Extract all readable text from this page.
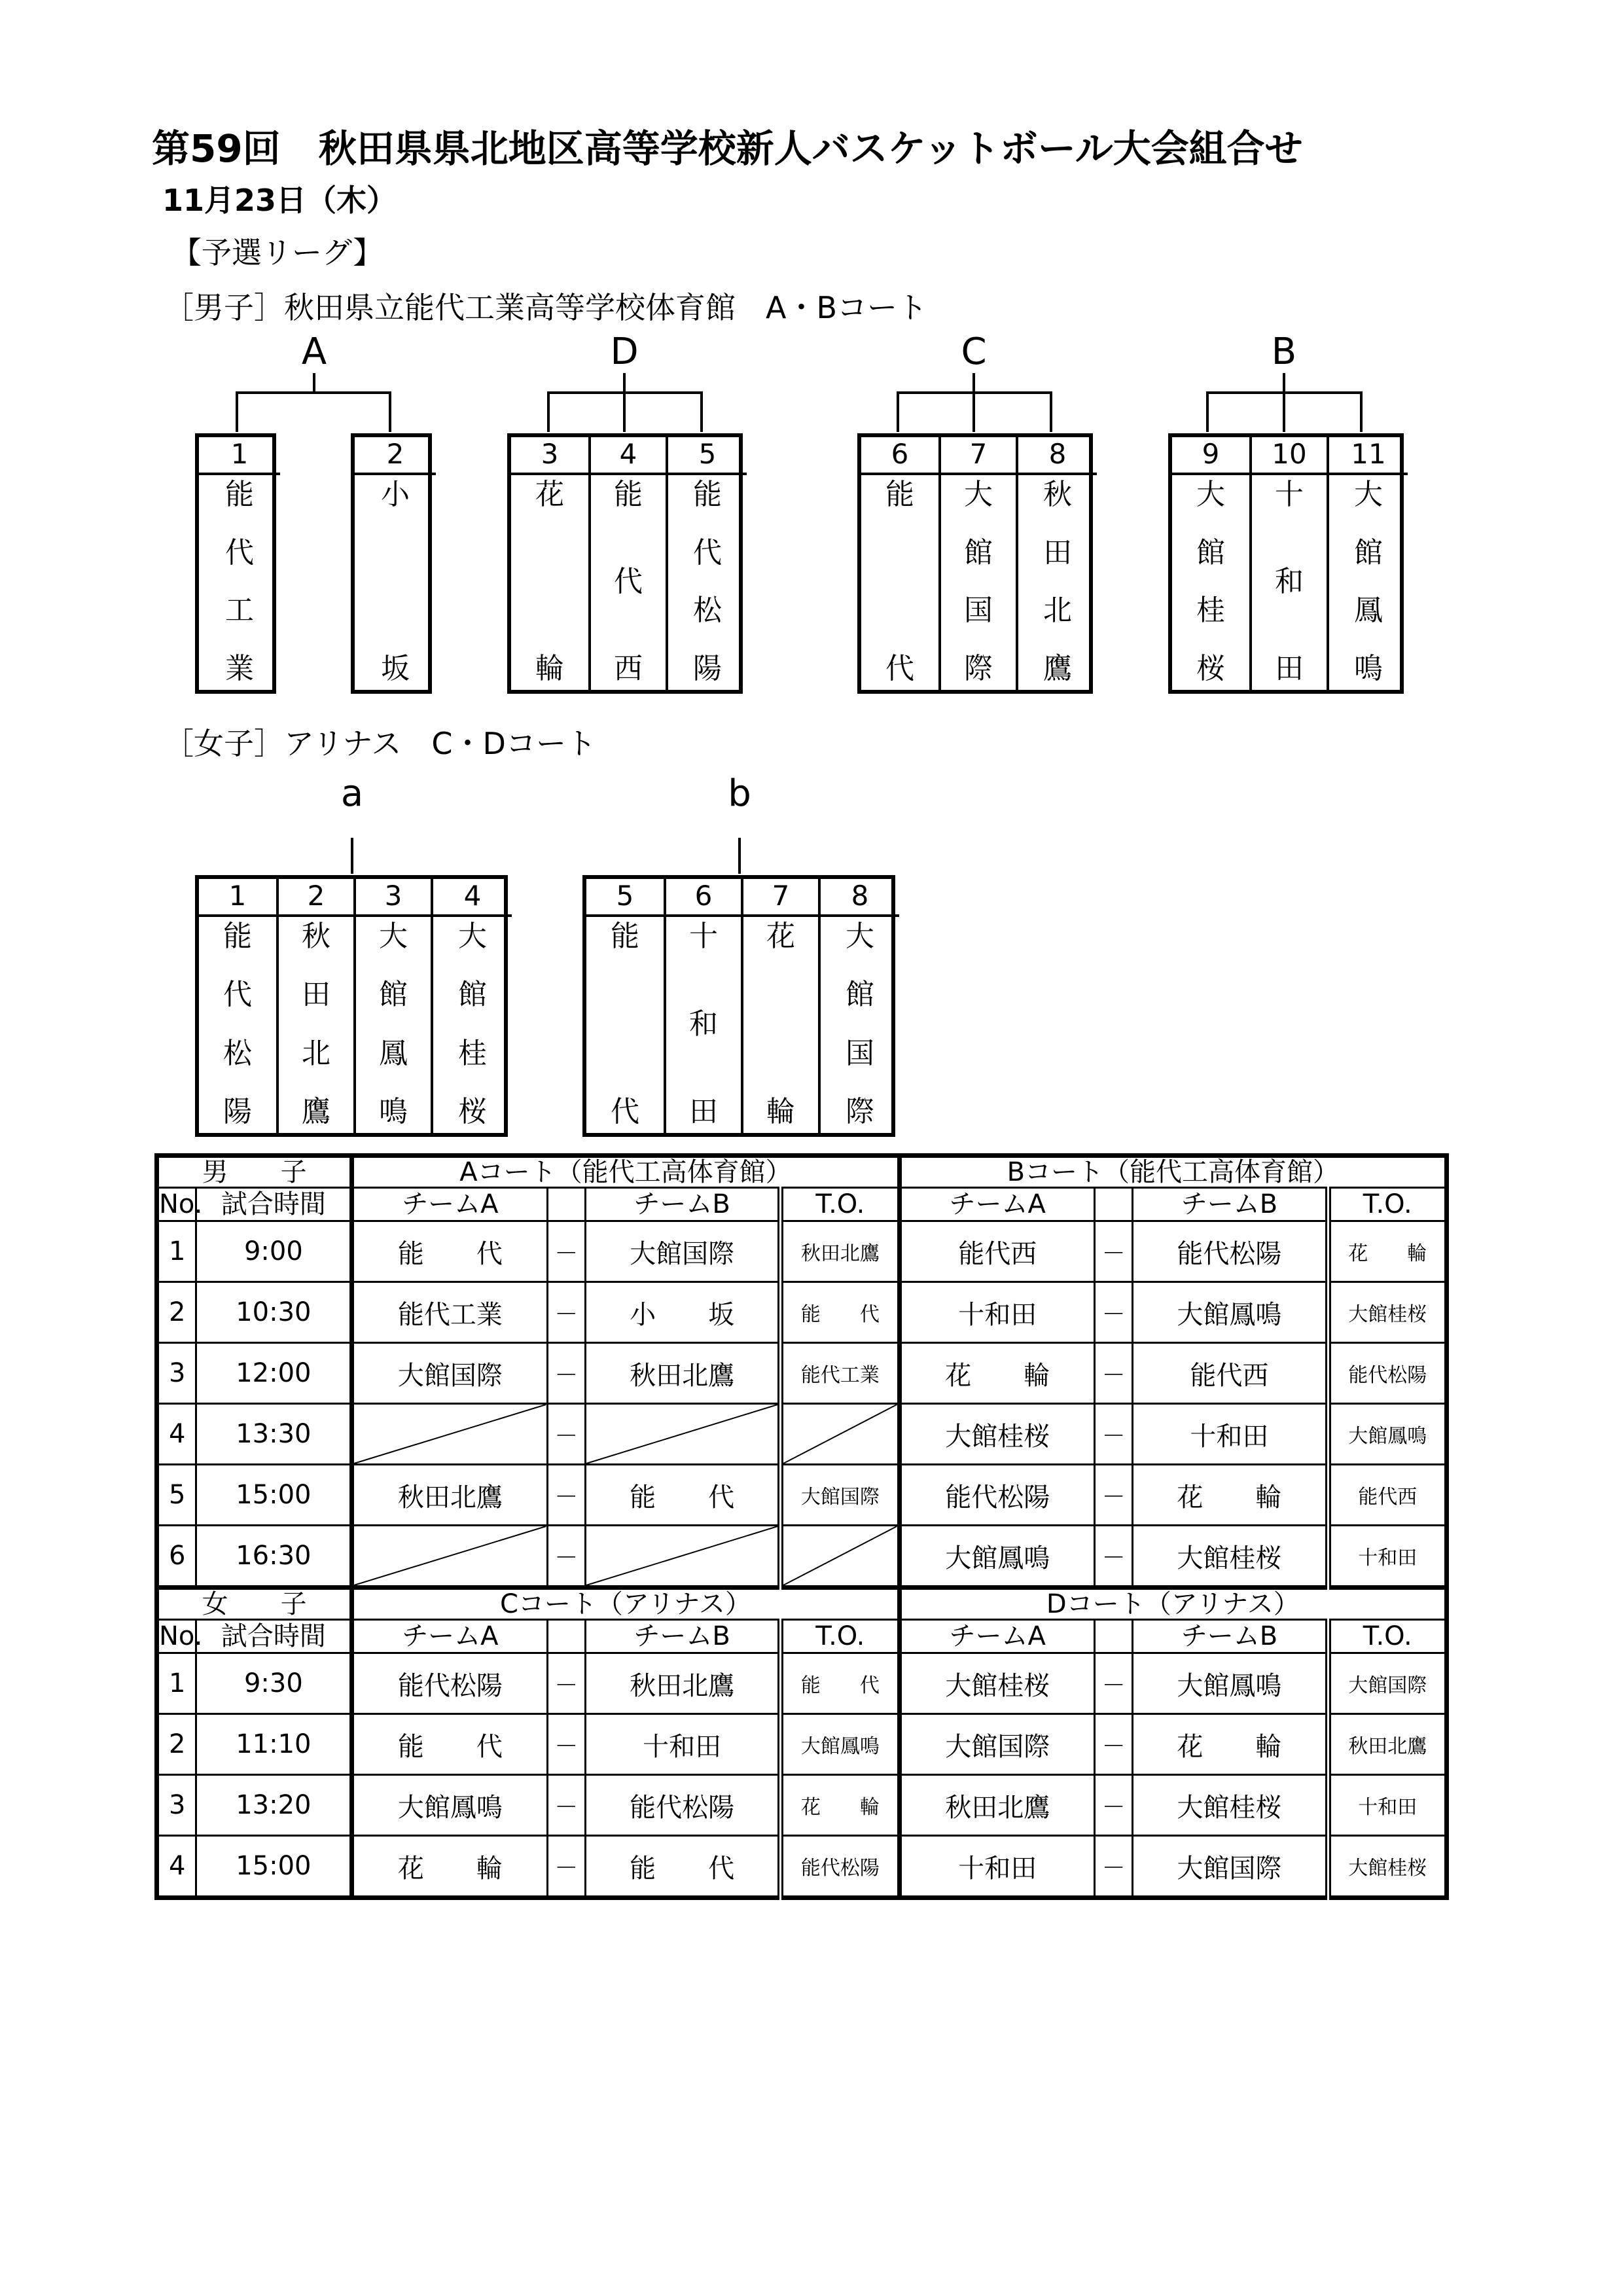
第59回　秋田県県北地区高等学校新人バスケットボール大会組合せ
11月23日（木）
【予選リーグ】
［男子］秋田県立能代工業高等学校体育館　A・Bコート
［女子］アリナス　C・Dコート
A	D	C	B
a	b
1
能
代
工
業
2
小
坂
3
花
輪
4
能
代
西
5
能
代
松
陽
6
能
代
7
大
館
国
際
8
秋
田
北
鷹
9
大
館
桂
桜
10
十
和
田
11
大
館
鳳
鳴
1
能
代
松
陽
2
秋
田
北
鷹
3
大
館
鳳
鳴
4
大
館
桂
桜
5
能
代
6
十
和
田
7
花
輪
8
大
館
国
際
男　　子		Aコート（能代工高体育館）				Bコート（能代工高体育館）			
No.	試合時間	チームA		チームB	T.O.	チームA		チームB	T.O.
1	9:00	能　　代	－	大館国際	秋田北鷹	能代西	－	能代松陽	花　　輪
2	10:30	能代工業	－	小　　坂	能　　代	十和田	－	大館鳳鳴	大館桂桜
3	12:00	大館国際	－	秋田北鷹	能代工業	花　　輪	－	能代西	能代松陽
4	13:30		－			大館桂桜	－	十和田	大館鳳鳴
5	15:00	秋田北鷹	－	能　　代	大館国際	能代松陽	－	花　　輪	能代西
6	16:30		－			大館鳳鳴	－	大館桂桜	十和田
女　　子		Cコート（アリナス）				Dコート（アリナス）			
No.	試合時間	チームA		チームB	T.O.	チームA		チームB	T.O.
1	9:30	能代松陽	－	秋田北鷹	能　　代	大館桂桜	－	大館鳳鳴	大館国際
2	11:10	能　　代	－	十和田	大館鳳鳴	大館国際	－	花　　輪	秋田北鷹
3	13:20	大館鳳鳴	－	能代松陽	花　　輪	秋田北鷹	－	大館桂桜	十和田
4	15:00	花　　輪	－	能　　代	能代松陽	十和田	－	大館国際	大館桂桜
